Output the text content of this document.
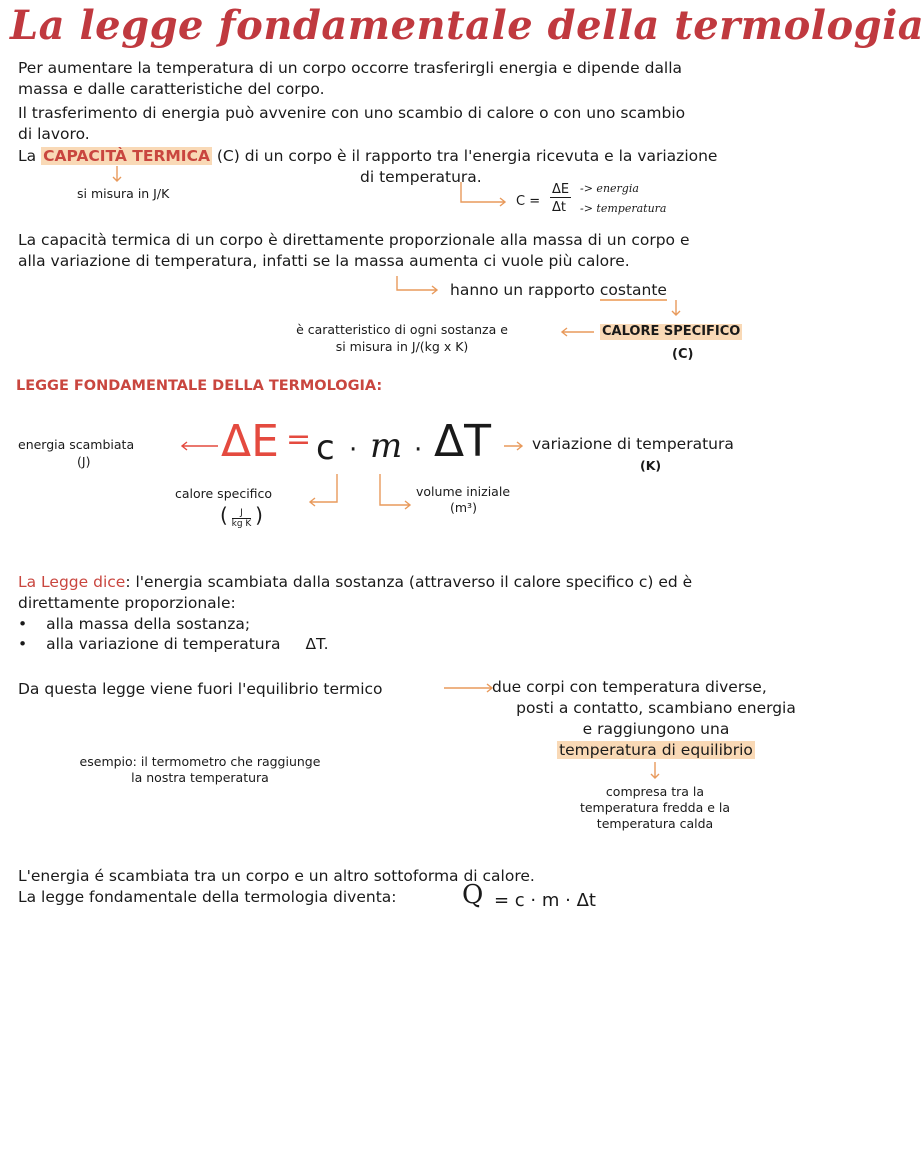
La legge fondamentale della termologia
Per aumentare la temperatura di un corpo occorre trasferirgli energia e dipende dalla
massa e dalle caratteristiche del corpo.
Il trasferimento di energia può avvenire con uno scambio di calore o con uno scambio
di lavoro.
La CAPACITÀ TERMICA (C) di un corpo è il rapporto tra l'energia ricevuta e la variazione
di temperatura.
si misura in J/K
C =
ΔE
Δt
-> energia
-> temperatura
La capacità termica di un corpo è direttamente proporzionale alla massa di un corpo e
alla variazione di temperatura, infatti se la massa aumenta ci vuole più calore.
hanno un rapporto costante
è caratteristico di ogni sostanza e
si misura in J/(kg x K)
CALORE SPECIFICO
(C)
LEGGE FONDAMENTALE DELLA TERMOLOGIA:
energia scambiata
(J)	ΔE = c · m · ΔT	variazione di temperatura
(K)
calore specifico
( $\frac{J}{\text{kg K}}$ )
volume iniziale
(m³)
La Legge dice: l'energia scambiata dalla sostanza (attraverso il calore specifico c) ed è
direttamente proporzionale:
• alla massa della sostanza;
• alla variazione di temperatura ΔT.
Da questa legge viene fuori l'equilibrio termico	due corpi con temperatura diverse,
posti a contatto, scambiano energia
e raggiungono una
temperatura di equilibrio
esempio: il termometro che raggiunge
la nostra temperatura
compresa tra la
temperatura fredda e la
temperatura calda
L'energia é scambiata tra un corpo e un altro sottoforma di calore.
La legge fondamentale della termologia diventa:	Q = c · m · Δt
